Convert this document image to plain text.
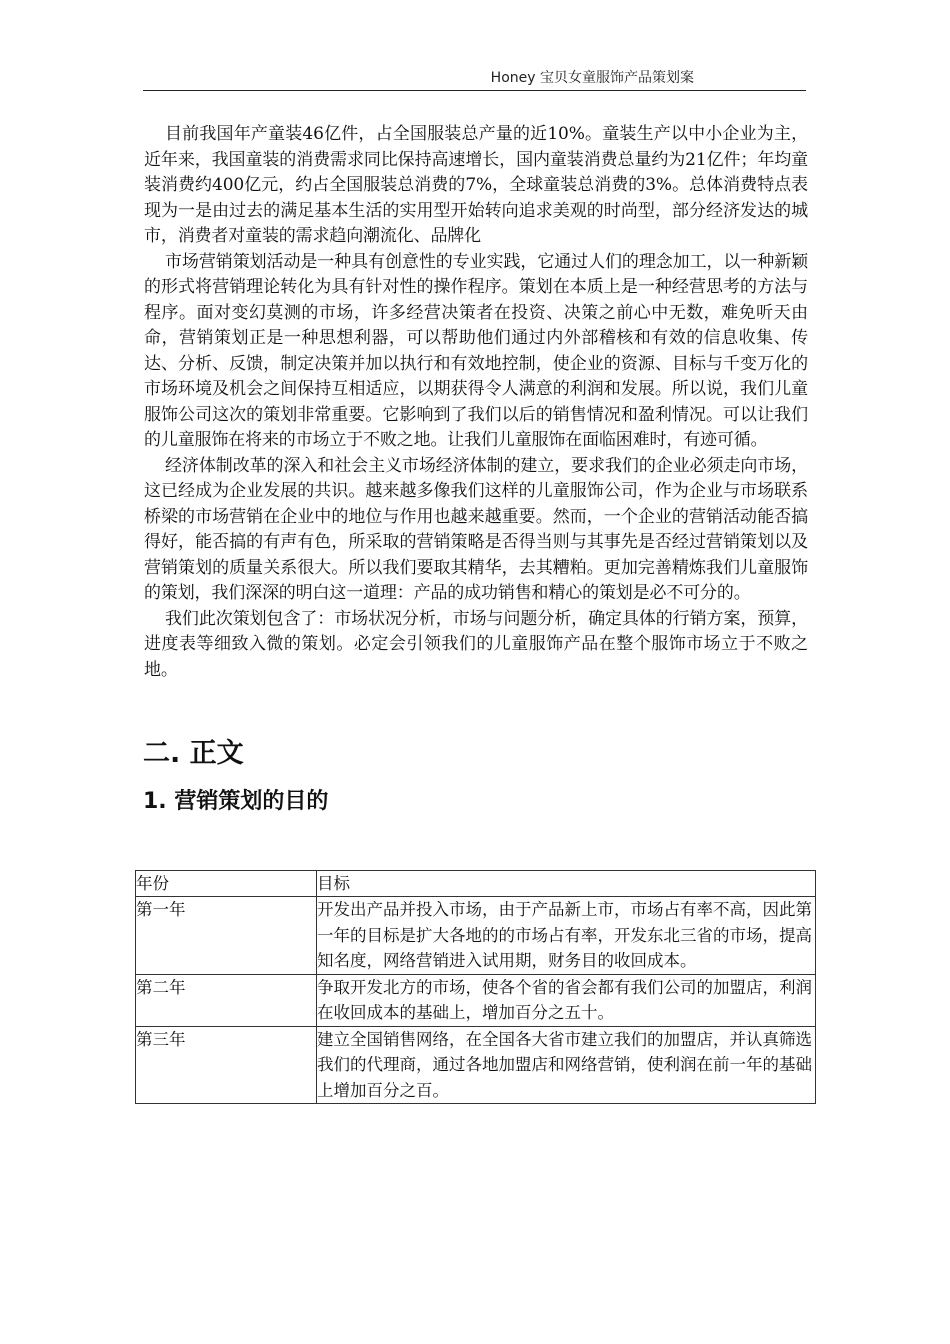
Honey 宝贝女童服饰产品策划案

目前我国年产童装46亿件，占全国服装总产量的近10%。童装生产以中小企业为主，近年来，我国童装的消费需求同比保持高速增长，国内童装消费总量约为21亿件；年均童装消费约400亿元，约占全国服装总消费的7%，全球童装总消费的3%。总体消费特点表现为一是由过去的满足基本生活的实用型开始转向追求美观的时尚型，部分经济发达的城市，消费者对童装的需求趋向潮流化、品牌化

市场营销策划活动是一种具有创意性的专业实践，它通过人们的理念加工，以一种新颖的形式将营销理论转化为具有针对性的操作程序。策划在本质上是一种经营思考的方法与程序。面对变幻莫测的市场，许多经营决策者在投资、决策之前心中无数，难免听天由命，营销策划正是一种思想利器，可以帮助他们通过内外部稽核和有效的信息收集、传达、分析、反馈，制定决策并加以执行和有效地控制，使企业的资源、目标与千变万化的市场环境及机会之间保持互相适应，以期获得令人满意的利润和发展。所以说，我们儿童服饰公司这次的策划非常重要。它影响到了我们以后的销售情况和盈利情况。可以让我们的儿童服饰在将来的市场立于不败之地。让我们儿童服饰在面临困难时，有迹可循。

经济体制改革的深入和社会主义市场经济体制的建立，要求我们的企业必须走向市场，这已经成为企业发展的共识。越来越多像我们这样的儿童服饰公司，作为企业与市场联系桥梁的市场营销在企业中的地位与作用也越来越重要。然而，一个企业的营销活动能否搞得好，能否搞的有声有色，所采取的营销策略是否得当则与其事先是否经过营销策划以及营销策划的质量关系很大。所以我们要取其精华，去其糟粕。更加完善精炼我们儿童服饰的策划，我们深深的明白这一道理：产品的成功销售和精心的策划是必不可分的。

我们此次策划包含了：市场状况分析，市场与问题分析，确定具体的行销方案，预算，进度表等细致入微的策划。必定会引领我们的儿童服饰产品在整个服饰市场立于不败之地。

二. 正文
1. 营销策划的目的
年份	目标
第一年	开发出产品并投入市场，由于产品新上市，市场占有率不高，因此第一年的目标是扩大各地的的市场占有率，开发东北三省的市场，提高知名度，网络营销进入试用期，财务目的收回成本。
第二年	争取开发北方的市场，使各个省的省会都有我们公司的加盟店，利润在收回成本的基础上，增加百分之五十。
第三年	建立全国销售网络，在全国各大省市建立我们的加盟店，并认真筛选我们的代理商，通过各地加盟店和网络营销，使利润在前一年的基础上增加百分之百。
